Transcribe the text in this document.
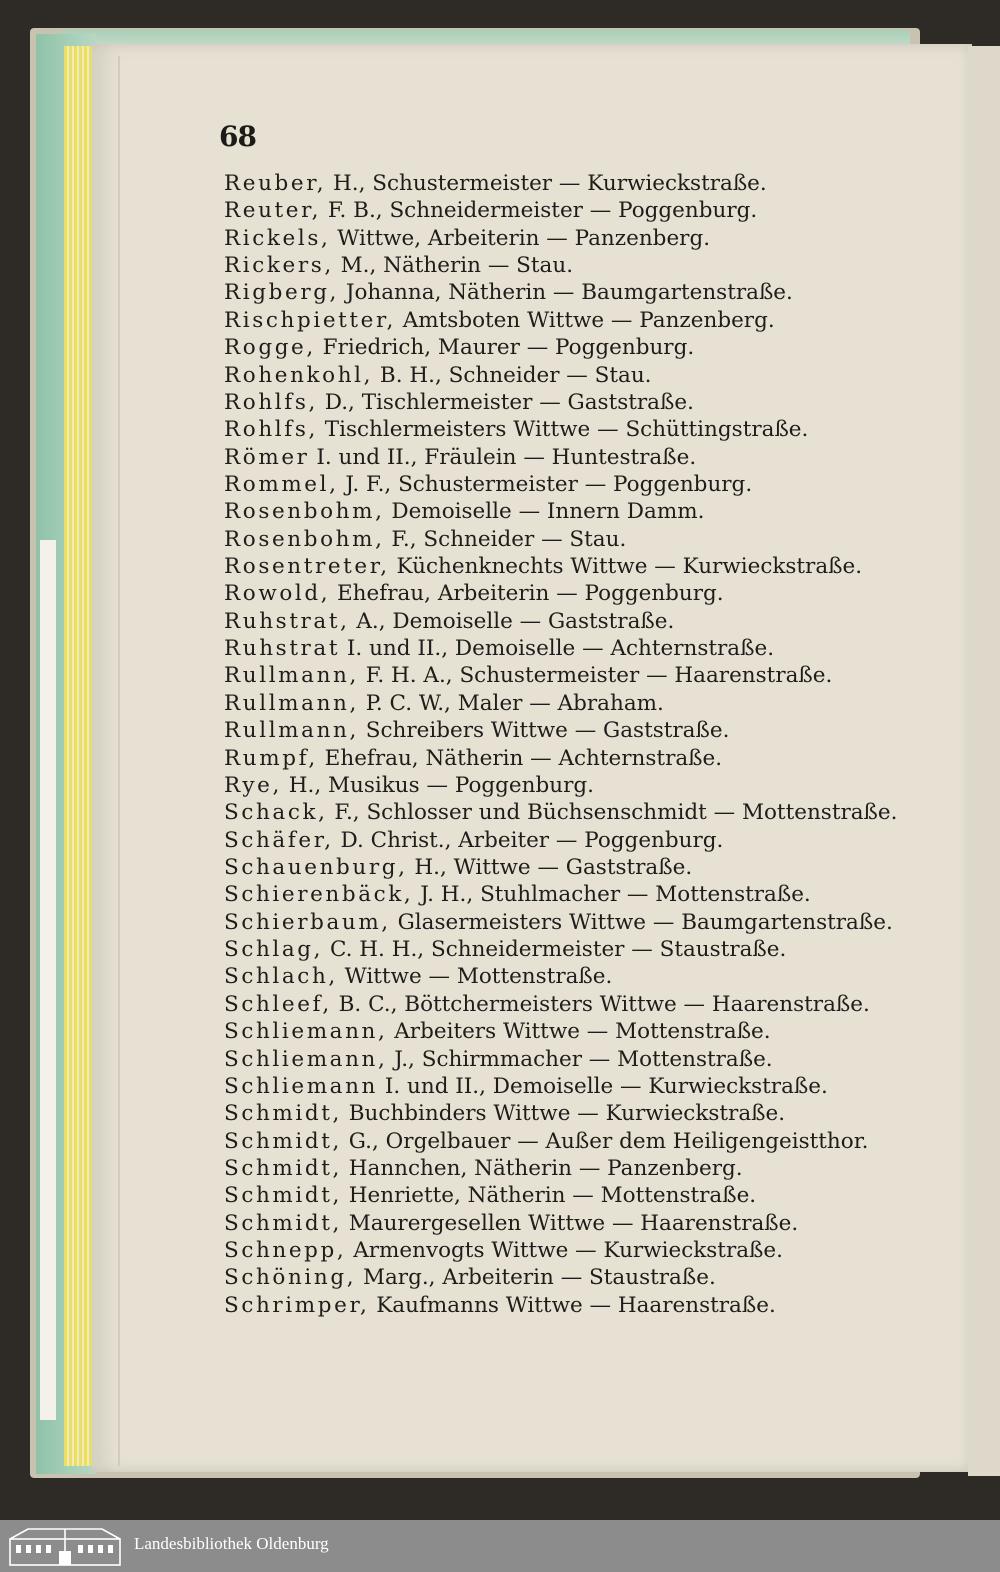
68
Reuber, H., Schustermeister — Kurwieckstraße.
Reuter, F. B., Schneidermeister — Poggenburg.
Rickels, Wittwe, Arbeiterin — Panzenberg.
Rickers, M., Nätherin — Stau.
Rigberg, Johanna, Nätherin — Baumgartenstraße.
Rischpietter, Amtsboten Wittwe — Panzenberg.
Rogge, Friedrich, Maurer — Poggenburg.
Rohenkohl, B. H., Schneider — Stau.
Rohlfs, D., Tischlermeister — Gaststraße.
Rohlfs, Tischlermeisters Wittwe — Schüttingstraße.
Römer I. und II., Fräulein — Huntestraße.
Rommel, J. F., Schustermeister — Poggenburg.
Rosenbohm, Demoiselle — Innern Damm.
Rosenbohm, F., Schneider — Stau.
Rosentreter, Küchenknechts Wittwe — Kurwieckstraße.
Rowold, Ehefrau, Arbeiterin — Poggenburg.
Ruhstrat, A., Demoiselle — Gaststraße.
Ruhstrat I. und II., Demoiselle — Achternstraße.
Rullmann, F. H. A., Schustermeister — Haarenstraße.
Rullmann, P. C. W., Maler — Abraham.
Rullmann, Schreibers Wittwe — Gaststraße.
Rumpf, Ehefrau, Nätherin — Achternstraße.
Rye, H., Musikus — Poggenburg.
Schack, F., Schlosser und Büchsenschmidt — Mottenstraße.
Schäfer, D. Christ., Arbeiter — Poggenburg.
Schauenburg, H., Wittwe — Gaststraße.
Schierenbäck, J. H., Stuhlmacher — Mottenstraße.
Schierbaum, Glasermeisters Wittwe — Baumgartenstraße.
Schlag, C. H. H., Schneidermeister — Staustraße.
Schlach, Wittwe — Mottenstraße.
Schleef, B. C., Böttchermeisters Wittwe — Haarenstraße.
Schliemann, Arbeiters Wittwe — Mottenstraße.
Schliemann, J., Schirmmacher — Mottenstraße.
Schliemann I. und II., Demoiselle — Kurwieckstraße.
Schmidt, Buchbinders Wittwe — Kurwieckstraße.
Schmidt, G., Orgelbauer — Außer dem Heiligengeistthor.
Schmidt, Hannchen, Nätherin — Panzenberg.
Schmidt, Henriette, Nätherin — Mottenstraße.
Schmidt, Maurergesellen Wittwe — Haarenstraße.
Schnepp, Armenvogts Wittwe — Kurwieckstraße.
Schöning, Marg., Arbeiterin — Staustraße.
Schrimper, Kaufmanns Wittwe — Haarenstraße.
Landesbibliothek Oldenburg
